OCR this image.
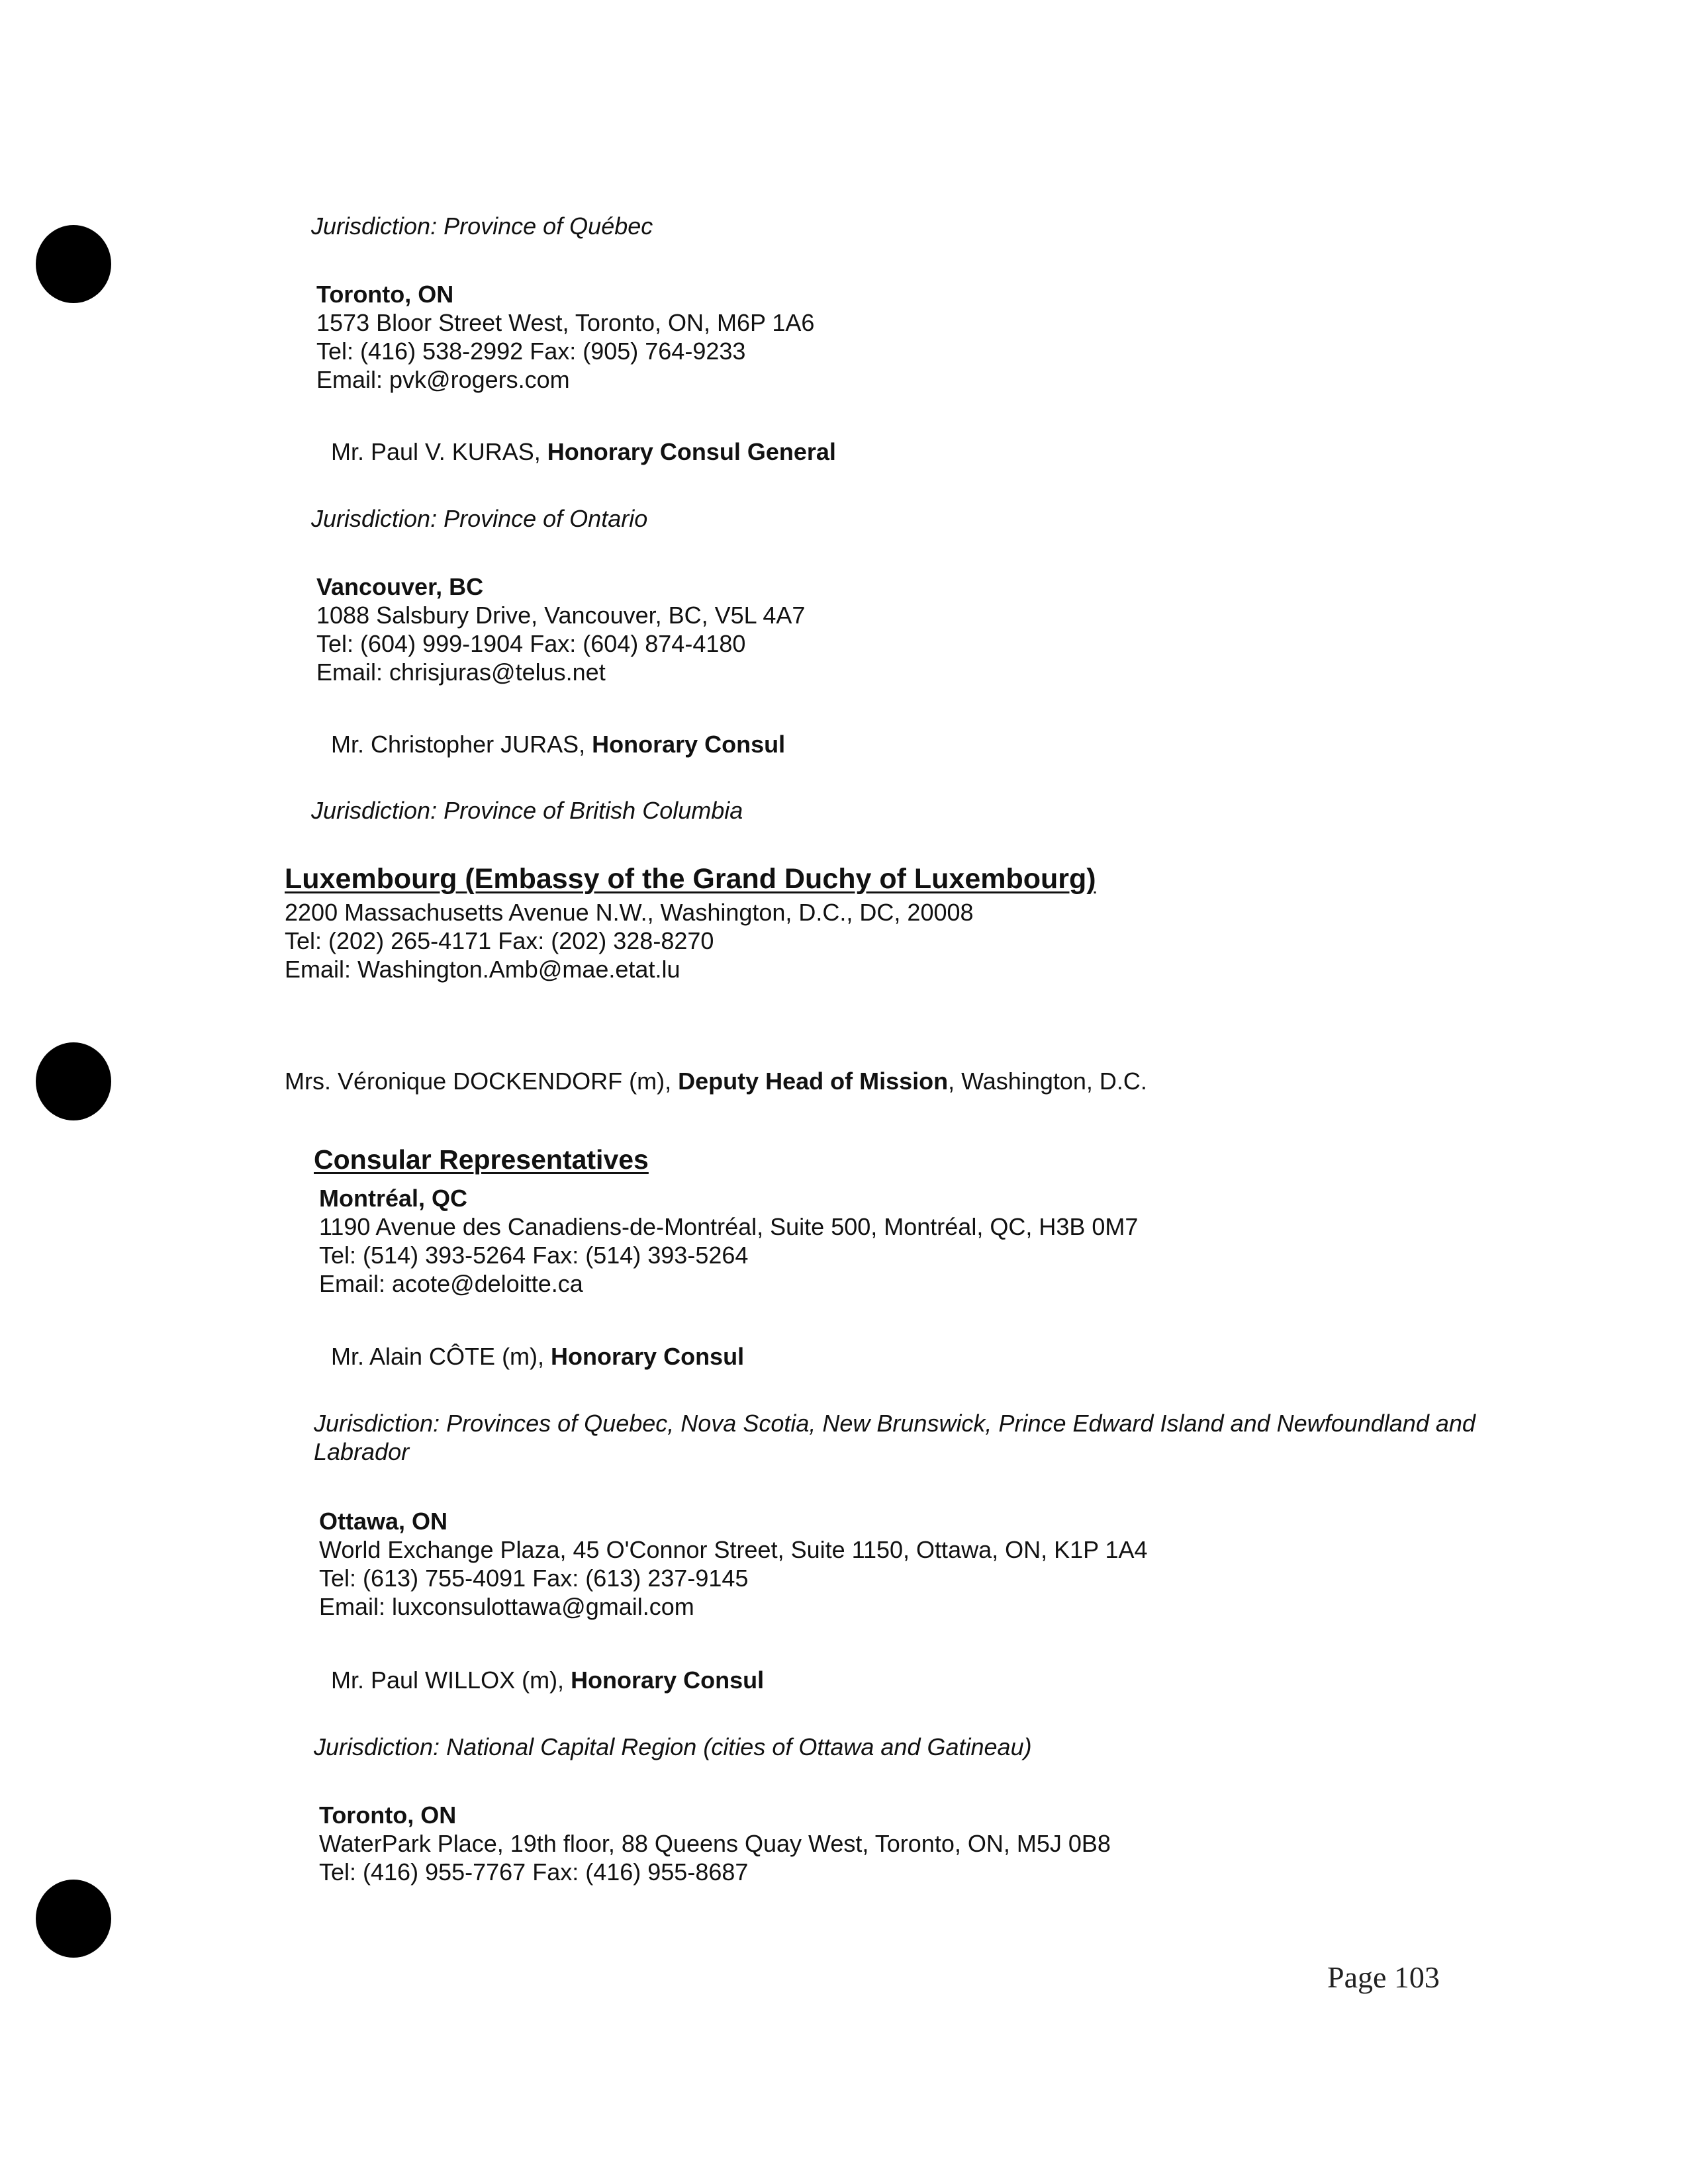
Jurisdiction: Province of Québec
Toronto, ON
1573 Bloor Street West, Toronto, ON, M6P 1A6
Tel: (416) 538-2992 Fax: (905) 764-9233
Email: pvk@rogers.com
Mr. Paul V. KURAS, Honorary Consul General
Jurisdiction: Province of Ontario
Vancouver, BC
1088 Salsbury Drive, Vancouver, BC, V5L 4A7
Tel: (604) 999-1904 Fax: (604) 874-4180
Email: chrisjuras@telus.net
Mr. Christopher JURAS, Honorary Consul
Jurisdiction: Province of British Columbia
Luxembourg (Embassy of the Grand Duchy of Luxembourg)
2200 Massachusetts Avenue N.W., Washington, D.C., DC, 20008
Tel: (202) 265-4171 Fax: (202) 328-8270
Email: Washington.Amb@mae.etat.lu
Mrs. Véronique DOCKENDORF (m), Deputy Head of Mission, Washington, D.C.
Consular Representatives
Montréal, QC
1190 Avenue des Canadiens-de-Montréal, Suite 500, Montréal, QC, H3B 0M7
Tel: (514) 393-5264 Fax: (514) 393-5264
Email: acote@deloitte.ca
Mr. Alain CÔTE (m), Honorary Consul
Jurisdiction: Provinces of Quebec, Nova Scotia, New Brunswick, Prince Edward Island and Newfoundland and Labrador
Ottawa, ON
World Exchange Plaza, 45 O'Connor Street, Suite 1150, Ottawa, ON, K1P 1A4
Tel: (613) 755-4091 Fax: (613) 237-9145
Email: luxconsulottawa@gmail.com
Mr. Paul WILLOX (m), Honorary Consul
Jurisdiction: National Capital Region (cities of Ottawa and Gatineau)
Toronto, ON
WaterPark Place, 19th floor, 88 Queens Quay West, Toronto, ON, M5J 0B8
Tel: (416) 955-7767 Fax: (416) 955-8687
Page 103
